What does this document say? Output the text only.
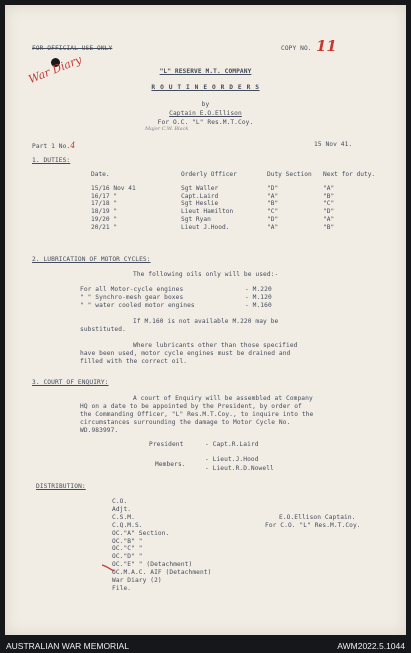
FOR OFFICIAL USE ONLY	COPY NO. 11
War Diary	"L" RESERVE M.T. COMPANY
R O U T I N E O R D E R S
by
Captain E.O.Ellison
For O.C. "L" Res.M.T.Coy.
Major C.W. Black
Part 1 No.4	15 Nov 41.
1. DUTIES:
Date.	Orderly Officer	Duty Section	Next for duty.

15/16 Nov 41	Sgt Waller	"D"	"A"
16/17 "	Capt.Laird	"A"	"B"
17/18 "	Sgt Heslie	"B"	"C"
18/19 "	Lieut Hamilton	"C"	"D"
19/20 "	Sgt Ryan	"D"	"A"
20/21 "	Lieut J.Hood.	"A"	"B"
2. LUBRICATION OF MOTOR CYCLES:
The following oils only will be used:-
For all Motor-cycle engines	- M.220
" " Synchro-mesh gear boxes	- M.120
" " water cooled motor engines	- M.160
If M.160 is not available M.220 may be
substituted.
Where lubricants other than those specified
have been used, motor cycle engines must be drained and
filled with the correct oil.
3. COURT OF ENQUIRY:
A court of Enquiry will be assembled at Company
HQ on a date to be appointed by the President, by order of
the Commanding Officer, "L" Res.M.T.Coy., to inquire into the
circumstances surrounding the damage to Motor Cycle No.
WD.983997.
President	- Capt.R.Laird
Members.
- Lieut.J.Hood
- Lieut.R.D.Nowell
DISTRIBUTION:
C.O.
Adjt.
C.S.M.
C.Q.M.S.
OC."A" Section.
OC."B" "
OC."C" "
OC."D" "
OC."E" " (Detachment)
OC.M.A.C. AIF (Detachment)
War Diary (2)
File.
E.O.Ellison Captain.
For C.O. "L" Res.M.T.Coy.
AUSTRALIAN WAR MEMORIAL	AWM2022.5.1044
